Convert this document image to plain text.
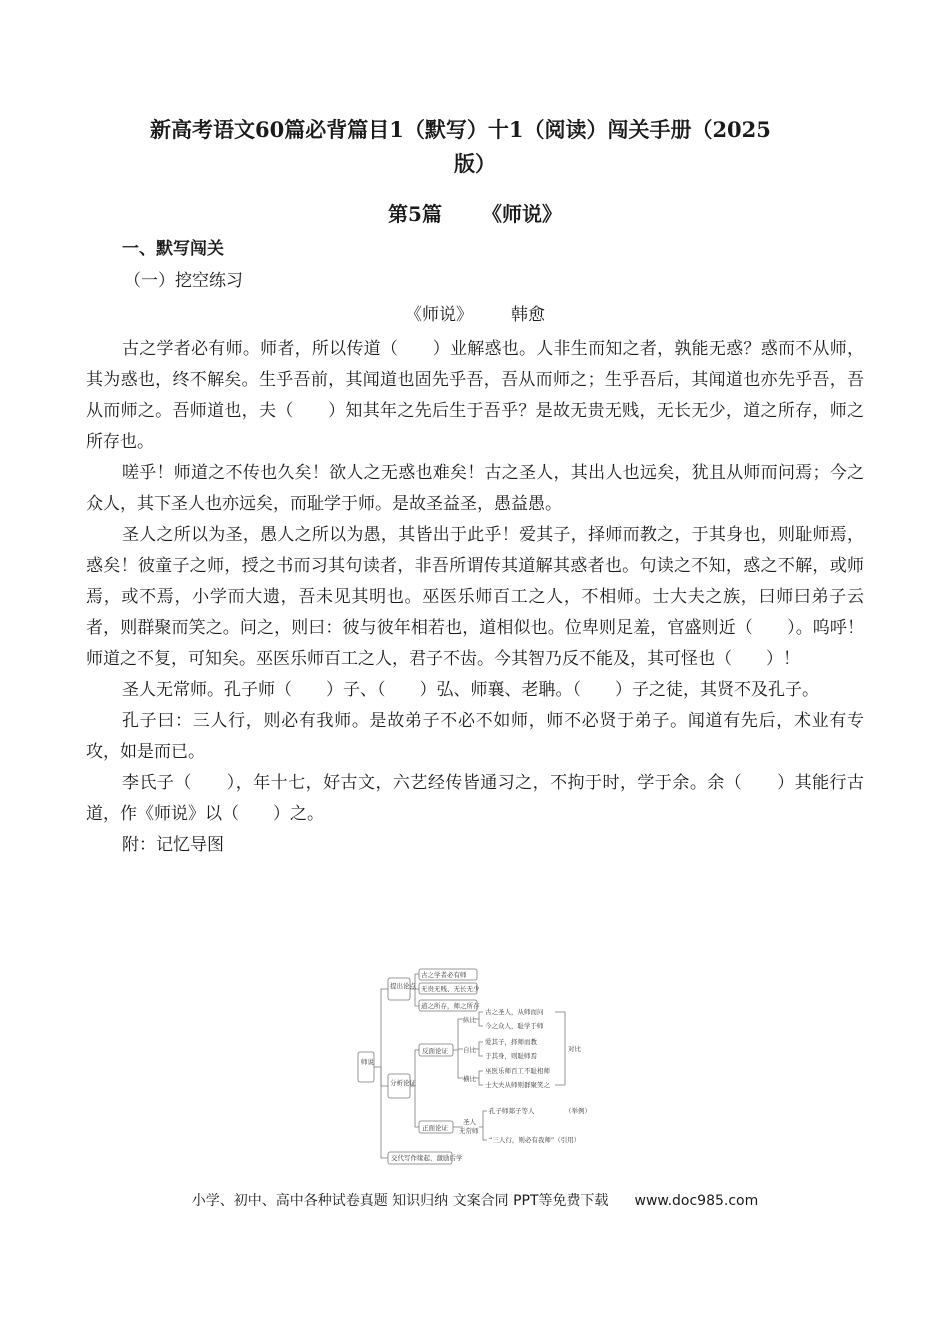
新高考语文60篇必背篇目1（默写）十1（阅读）闯关手册（2025
版）
第5篇 《师说》
一、默写闯关
（一）挖空练习
《师说》 韩愈

古之学者必有师。师者，所以传道（　　）业解惑也。人非生而知之者，孰能无惑？惑而不从师，其为惑也，终不解矣。生乎吾前，其闻道也固先乎吾，吾从而师之；生乎吾后，其闻道也亦先乎吾，吾从而师之。吾师道也，夫（　　）知其年之先后生于吾乎？是故无贵无贱，无长无少，道之所存，师之所存也。

嗟乎！师道之不传也久矣！欲人之无惑也难矣！古之圣人，其出人也远矣，犹且从师而问焉；今之众人，其下圣人也亦远矣，而耻学于师。是故圣益圣，愚益愚。

圣人之所以为圣，愚人之所以为愚，其皆出于此乎！爱其子，择师而教之，于其身也，则耻师焉，惑矣！彼童子之师，授之书而习其句读者，非吾所谓传其道解其惑者也。句读之不知，惑之不解，或师焉，或不焉，小学而大遗，吾未见其明也。巫医乐师百工之人，不相师。士大夫之族，曰师曰弟子云者，则群聚而笑之。问之，则曰：彼与彼年相若也，道相似也。位卑则足羞，官盛则近（　　）。呜呼！师道之不复，可知矣。巫医乐师百工之人，君子不齿。今其智乃反不能及，其可怪也（　　）！

圣人无常师。孔子师（　　）子、（　　）弘、师襄、老聃。（　　）子之徒，其贤不及孔子。

孔子曰：三人行，则必有我师。是故弟子不必不如师，师不必贤于弟子。闻道有先后，术业有专攻，如是而已。

李氏子（　　），年十七，好古文，六艺经传皆通习之，不拘于时，学于余。余（　　）其能行古道，作《师说》以（　　）之。

附：记忆导图

师说
提出论点
古之学者必有师
无贵无贱、无长无少
道之所存，师之所存
分析论证
反面论证
纵比
古之圣人，从师而问
今之众人，耻学于师
自比
爱其子，择师而教
于其身，则耻师焉
横比
巫医乐师百工不耻相师
士大夫从师则群聚笑之
对比
正面论证
圣人
无常师
孔子师郯子等人	（举例）
“三人行，则必有我师”（引用）
交代写作缘起，激励后学
小学、初中、高中各种试卷真题 知识归纳 文案合同 PPT等免费下载 www.doc985.com
